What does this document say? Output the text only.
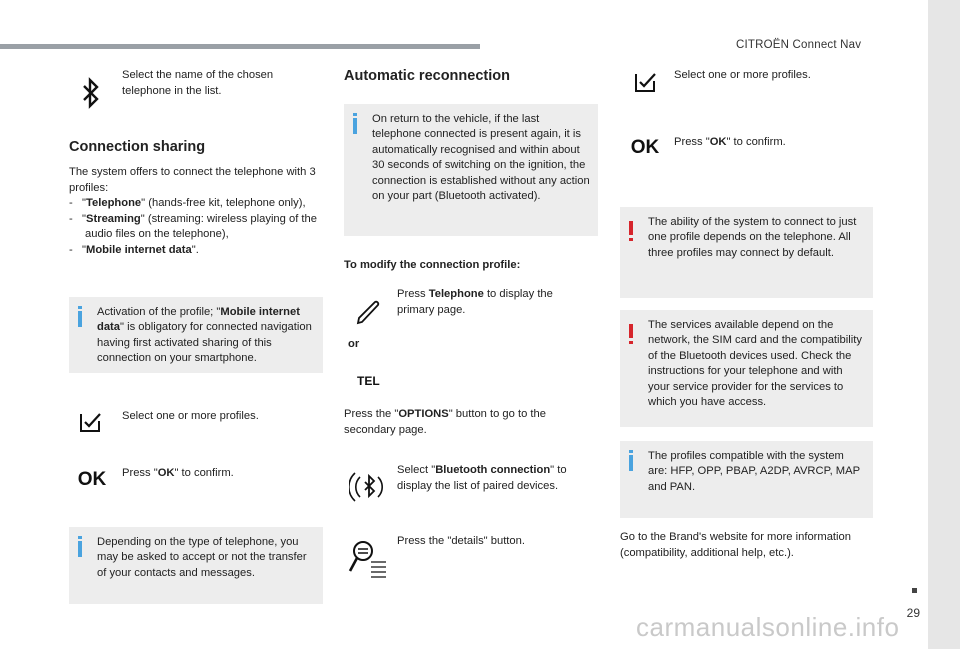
CITROËN Connect Nav
29
carmanualsonline.info
Select the name of the chosen telephone in the list.
Connection sharing
The system offers to connect the telephone with 3 profiles:
-   "Telephone" (hands-free kit, telephone only),
-   "Streaming" (streaming: wireless playing of the audio files on the telephone),
-   "Mobile internet data".
Activation of the profile; "Mobile internet data" is obligatory for connected navigation having first activated sharing of this connection on your smartphone.
Select one or more profiles.
OK	Press "OK" to confirm.
Depending on the type of telephone, you may be asked to accept or not the transfer of your contacts and messages.
Automatic reconnection
On return to the vehicle, if the last telephone connected is present again, it is automatically recognised and within about 30 seconds of switching on the ignition, the connection is established without any action on your part (Bluetooth activated).
To modify the connection profile:
Press Telephone to display the primary page.
or
TEL
Press the "OPTIONS" button to go to the secondary page.
Select "Bluetooth connection" to display the list of paired devices.
Press the "details" button.
Select one or more profiles.
OK	Press "OK" to confirm.
The ability of the system to connect to just one profile depends on the telephone. All three profiles may connect by default.
The services available depend on the network, the SIM card and the compatibility of the Bluetooth devices used. Check the instructions for your telephone and with your service provider for the services to which you have access.
The profiles compatible with the system are: HFP, OPP, PBAP, A2DP, AVRCP, MAP and PAN.
Go to the Brand's website for more information (compatibility, additional help, etc.).
